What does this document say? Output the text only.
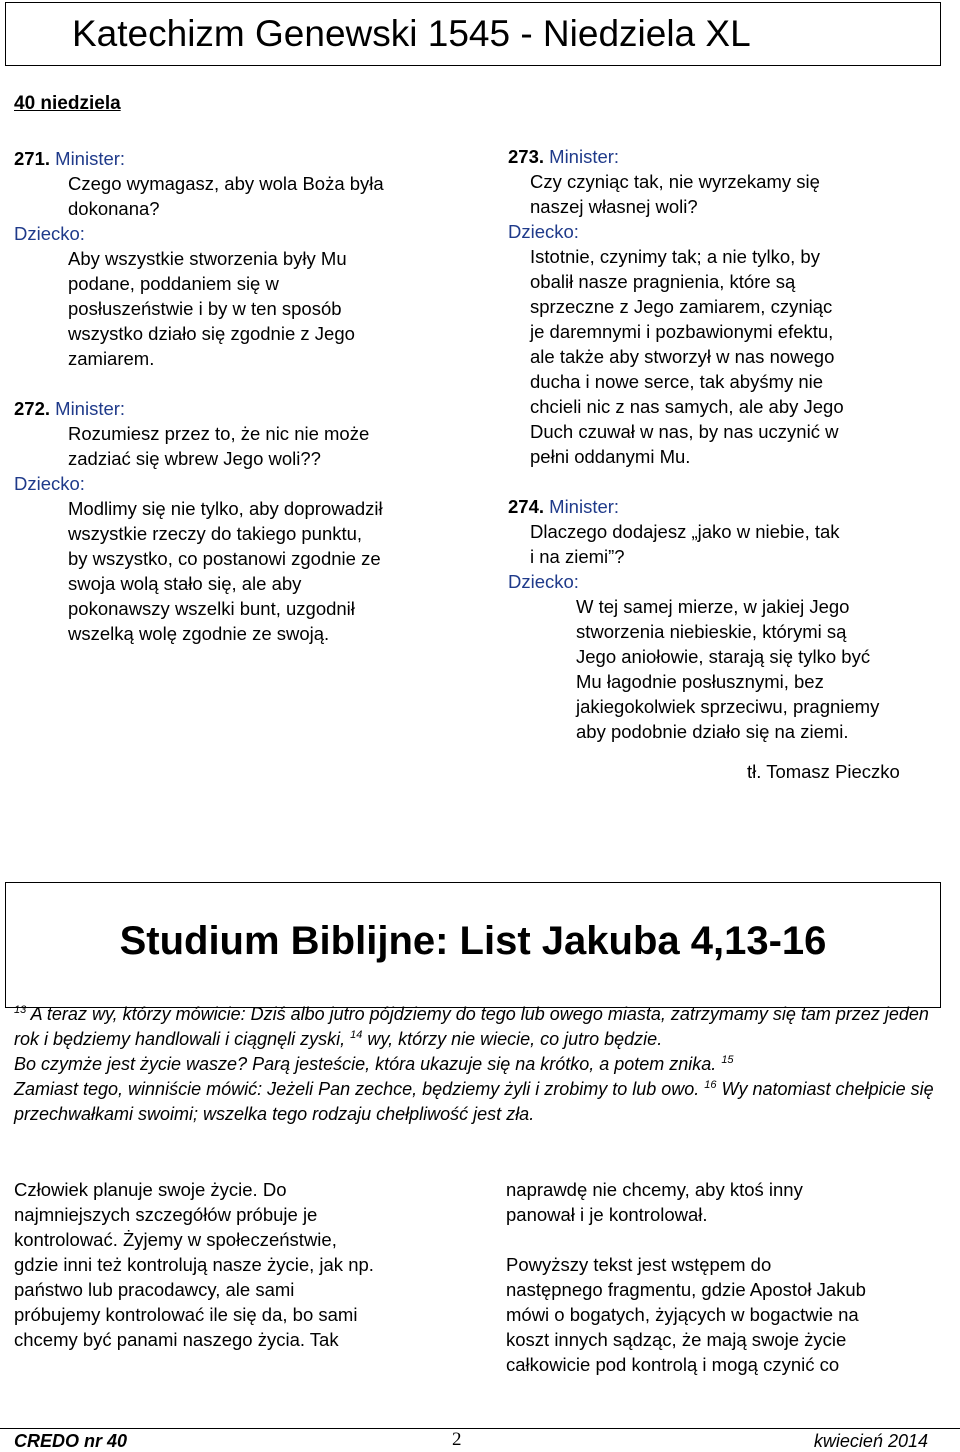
Katechizm Genewski 1545 - Niedziela XL
40 niedziela
271. Minister:
Czego wymagasz, aby wola Boża była
dokonana?
Dziecko:
Aby wszystkie stworzenia były Mu
podane, poddaniem się w
posłuszeństwie i by w ten sposób
wszystko działo się zgodnie z Jego
zamiarem.
272. Minister:
Rozumiesz przez to, że nic nie może
zadziać się wbrew Jego woli??
Dziecko:
Modlimy się nie tylko, aby doprowadził
wszystkie rzeczy do takiego punktu,
by wszystko, co postanowi zgodnie ze
swoja wolą stało się, ale aby
pokonawszy wszelki bunt, uzgodnił
wszelką wolę zgodnie ze swoją.
273. Minister:
Czy czyniąc tak, nie wyrzekamy się
naszej własnej woli?
Dziecko:
Istotnie, czynimy tak; a nie tylko, by
obalił nasze pragnienia, które są
sprzeczne z Jego zamiarem, czyniąc
je daremnymi i pozbawionymi efektu,
ale także aby stworzył w nas nowego
ducha i nowe serce, tak abyśmy nie
chcieli nic z nas samych, ale aby Jego
Duch czuwał w nas, by nas uczynić w
pełni oddanymi Mu.
274. Minister:
Dlaczego dodajesz „jako w niebie, tak
i na ziemi”?
Dziecko:
W tej samej mierze, w jakiej Jego
stworzenia niebieskie, którymi są
Jego aniołowie, starają się tylko być
Mu łagodnie posłusznymi, bez
jakiegokolwiek sprzeciwu, pragniemy
aby podobnie działo się na ziemi.
tł. Tomasz Pieczko
Studium Biblijne: List Jakuba 4,13-16
$^{13}$ A teraz wy, którzy mówicie: Dziś albo jutro pójdziemy do tego lub owego miasta, zatrzymamy się tam przez jeden rok i będziemy handlowali i ciągnęli zyski, $^{14}$ wy, którzy nie wiecie, co jutro będzie.
Bo czymże jest życie wasze? Parą jesteście, która ukazuje się na krótko, a potem znika. $^{15}$
Zamiast tego, winniście mówić: Jeżeli Pan zechce, będziemy żyli i zrobimy to lub owo. $^{16}$ Wy natomiast chełpicie się przechwałkami swoimi; wszelka tego rodzaju chełpliwość jest zła.

Człowiek planuje swoje życie. Do
najmniejszych szczegółów próbuje je
kontrolować. Żyjemy w społeczeństwie,
gdzie inni też kontrolują nasze życie, jak np.
państwo lub pracodawcy, ale sami
próbujemy kontrolować ile się da, bo sami
chcemy być panami naszego życia. Tak

naprawdę nie chcemy, aby ktoś inny
panował i je kontrolował.

Powyższy tekst jest wstępem do
następnego fragmentu, gdzie Apostoł Jakub
mówi o bogatych, żyjących w bogactwie na
koszt innych sądząc, że mają swoje życie
całkowicie pod kontrolą i mogą czynić co

CREDO nr 40	2	kwiecień 2014
